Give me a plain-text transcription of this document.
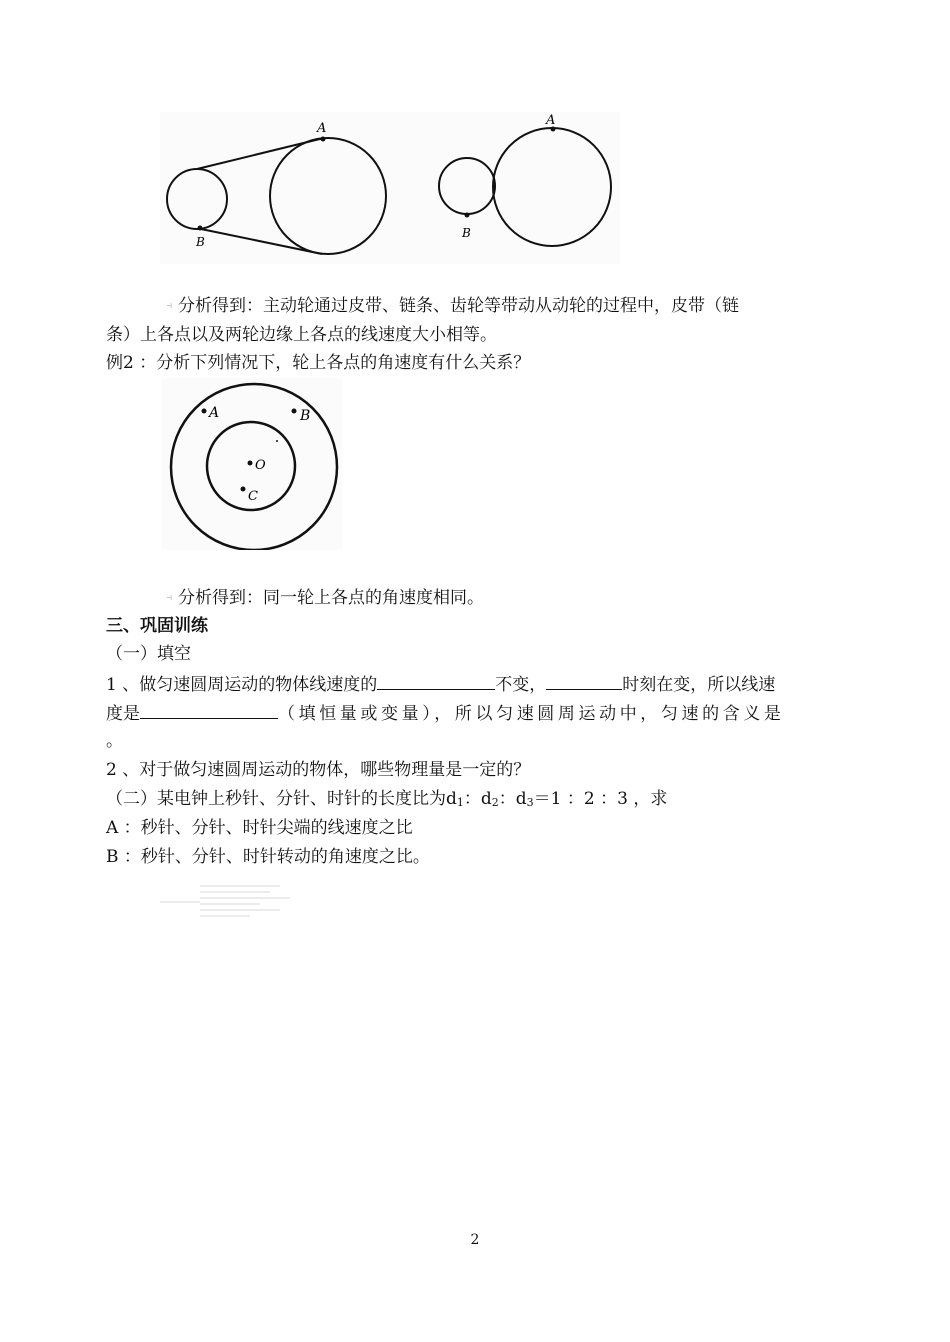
A
B
A
B
⊣ 分析得到：主动轮通过皮带、链条、齿轮等带动从动轮的过程中，皮带（链
条）上各点以及两轮边缘上各点的线速度大小相等。
例2 ：分析下列情况下，轮上各点的角速度有什么关系？
A	B
O
C
⊣ 分析得到：同一轮上各点的角速度相同。
三、巩固训练
（一）填空
1 、做匀速圆周运动的物体线速度的	不变，	时刻在变，所以线速
度是	（填恒量或变量），所以匀速圆周运动中，匀速的含义是
。
2 、对于做匀速圆周运动的物体，哪些物理量是一定的？
（二）某电钟上秒针、分针、时针的长度比为d1：d2：d3＝1 ：2 ：3 ，求
A ：秒针、分针、时针尖端的线速度之比
B ：秒针、分针、时针转动的角速度之比。
2
